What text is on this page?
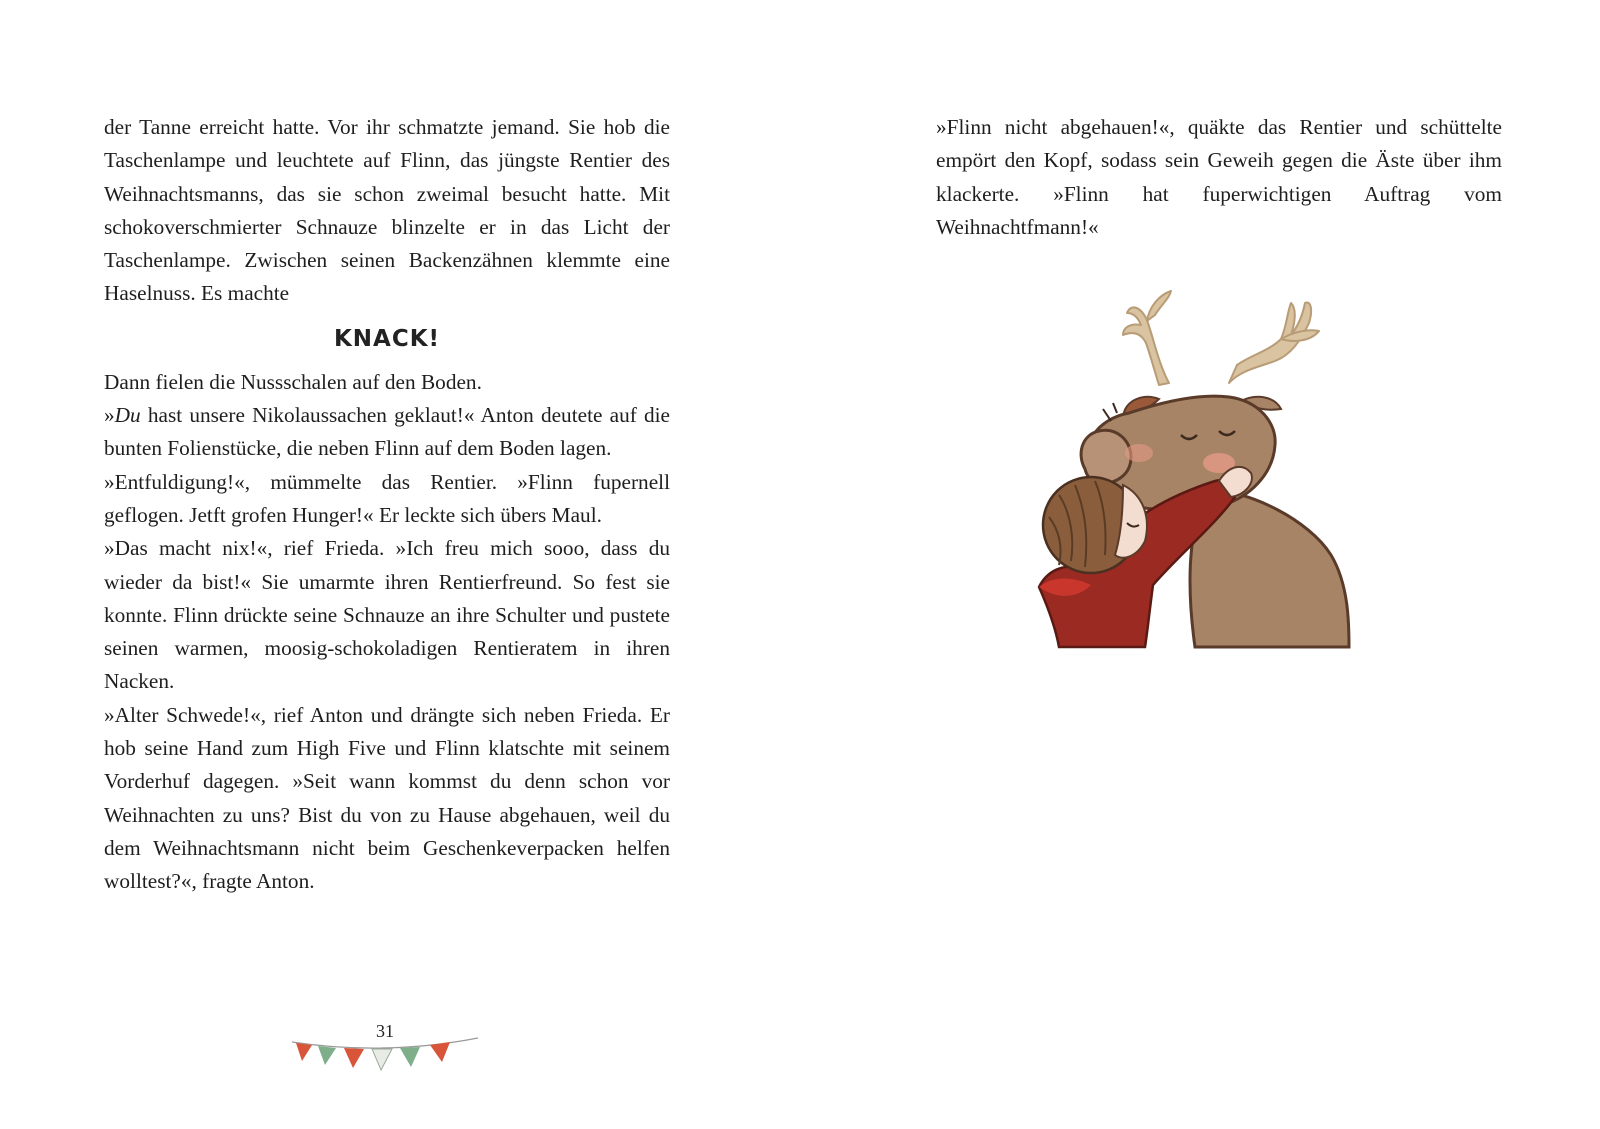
der Tanne erreicht hatte. Vor ihr schmatzte jemand. Sie hob die Taschenlampe und leuchtete auf Flinn, das jüngste Rentier des Weihnachtsmanns, das sie schon zweimal besucht hatte. Mit schokoverschmierter Schnauze blinzelte er in das Licht der Taschenlampe. Zwischen seinen Backenzähnen klemmte eine Haselnuss. Es machte

KNACK!

Dann fielen die Nussschalen auf den Boden.

»Du hast unsere Nikolaussachen geklaut!« Anton deutete auf die bunten Folienstücke, die neben Flinn auf dem Boden lagen.

»Entfuldigung!«, mümmelte das Rentier. »Flinn fupernell geflogen. Jetft grofen Hunger!« Er leckte sich übers Maul.

»Das macht nix!«, rief Frieda. »Ich freu mich sooo, dass du wieder da bist!« Sie umarmte ihren Rentierfreund. So fest sie konnte. Flinn drückte seine Schnauze an ihre Schulter und pustete seinen warmen, moosig-schokoladigen Rentieratem in ihren Nacken.

»Alter Schwede!«, rief Anton und drängte sich neben Frieda. Er hob seine Hand zum High Five und Flinn klatschte mit seinem Vorderhuf dagegen. »Seit wann kommst du denn schon vor Weihnachten zu uns? Bist du von zu Hause abgehauen, weil du dem Weihnachtsmann nicht beim Geschenkeverpacken helfen wolltest?«, fragte Anton.

31

»Flinn nicht abgehauen!«, quäkte das Rentier und schüttelte empört den Kopf, sodass sein Geweih gegen die Äste über ihm klackerte. »Flinn hat fuperwichtigen Auftrag vom Weihnachtfmann!«
